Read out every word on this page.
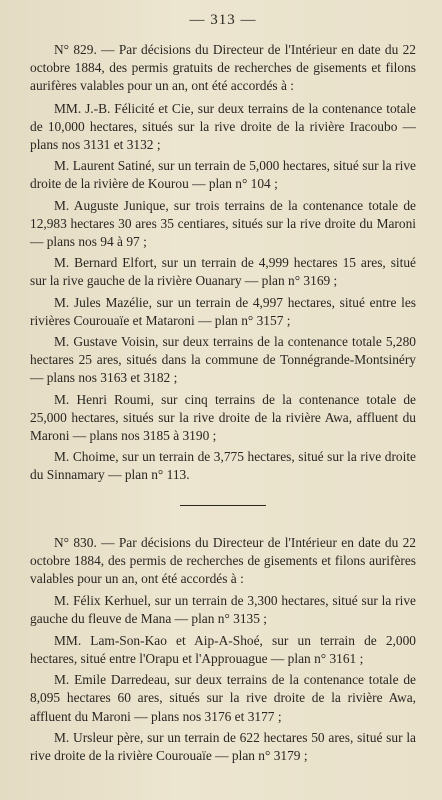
— 313 —

N° 829. — Par décisions du Directeur de l'Intérieur en date du 22 octobre 1884, des permis gratuits de recherches de gisements et filons aurifères valables pour un an, ont été accordés à :

MM. J.-B. Félicité et Cie, sur deux terrains de la contenance totale de 10,000 hectares, situés sur la rive droite de la rivière Iracoubo — plans nos 3131 et 3132 ;

M. Laurent Satiné, sur un terrain de 5,000 hectares, situé sur la rive droite de la rivière de Kourou — plan n° 104 ;

M. Auguste Junique, sur trois terrains de la contenance totale de 12,983 hectares 30 ares 35 centiares, situés sur la rive droite du Maroni — plans nos 94 à 97 ;

M. Bernard Elfort, sur un terrain de 4,999 hectares 15 ares, situé sur la rive gauche de la rivière Ouanary — plan n° 3169 ;

M. Jules Mazélie, sur un terrain de 4,997 hectares, situé entre les rivières Courouaïe et Mataroni — plan n° 3157 ;

M. Gustave Voisin, sur deux terrains de la contenance totale 5,280 hectares 25 ares, situés dans la commune de Tonnégrande-Montsinéry — plans nos 3163 et 3182 ;

M. Henri Roumi, sur cinq terrains de la contenance totale de 25,000 hectares, situés sur la rive droite de la rivière Awa, affluent du Maroni — plans nos 3185 à 3190 ;

M. Choime, sur un terrain de 3,775 hectares, situé sur la rive droite du Sinnamary — plan n° 113.

N° 830. — Par décisions du Directeur de l'Intérieur en date du 22 octobre 1884, des permis de recherches de gisements et filons aurifères valables pour un an, ont été accordés à :

M. Félix Kerhuel, sur un terrain de 3,300 hectares, situé sur la rive gauche du fleuve de Mana — plan n° 3135 ;

MM. Lam-Son-Kao et Aip-A-Shoé, sur un terrain de 2,000 hectares, situé entre l'Orapu et l'Approuague — plan n° 3161 ;

M. Emile Darredeau, sur deux terrains de la contenance totale de 8,095 hectares 60 ares, situés sur la rive droite de la rivière Awa, affluent du Maroni — plans nos 3176 et 3177 ;

M. Ursleur père, sur un terrain de 622 hectares 50 ares, situé sur la rive droite de la rivière Courouaïe — plan n° 3179 ;
